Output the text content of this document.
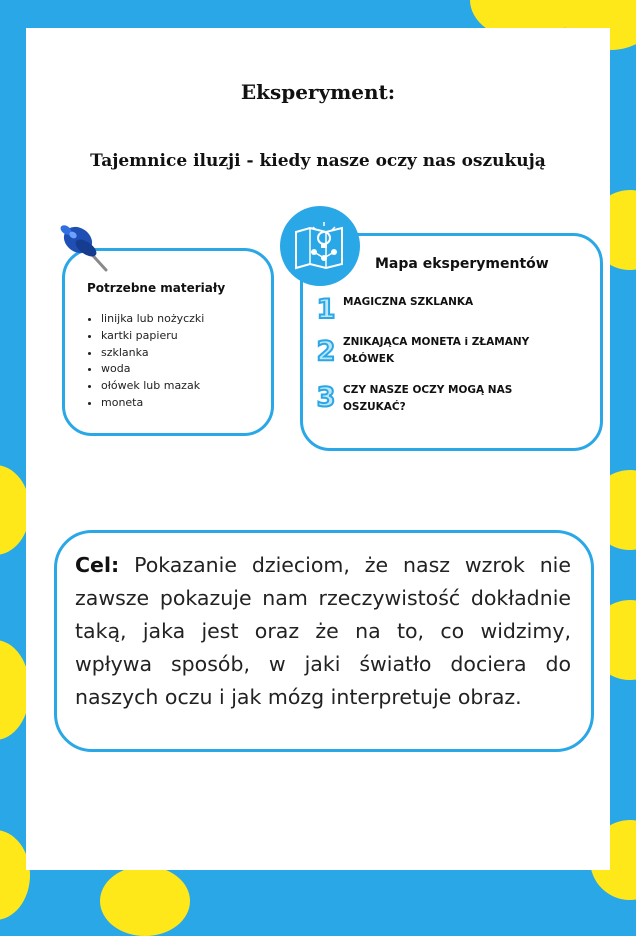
Eksperyment:
Tajemnice iluzji - kiedy nasze oczy nas oszukują
Potrzebne materiały
• linijka lub nożyczki
• kartki papieru
• szklanka
• woda
• ołówek lub mazak
• moneta
Mapa eksperymentów
1 MAGICZNA SZKLANKA
2 ZNIKAJĄCA MONETA i ZŁAMANY OŁÓWEK
3 CZY NASZE OCZY MOGĄ NAS OSZUKAĆ?

Cel: Pokazanie dzieciom, że nasz wzrok nie zawsze pokazuje nam rzeczywistość dokładnie taką, jaka jest oraz że na to, co widzimy, wpływa sposób, w jaki światło dociera do naszych oczu i jak mózg interpretuje obraz.
